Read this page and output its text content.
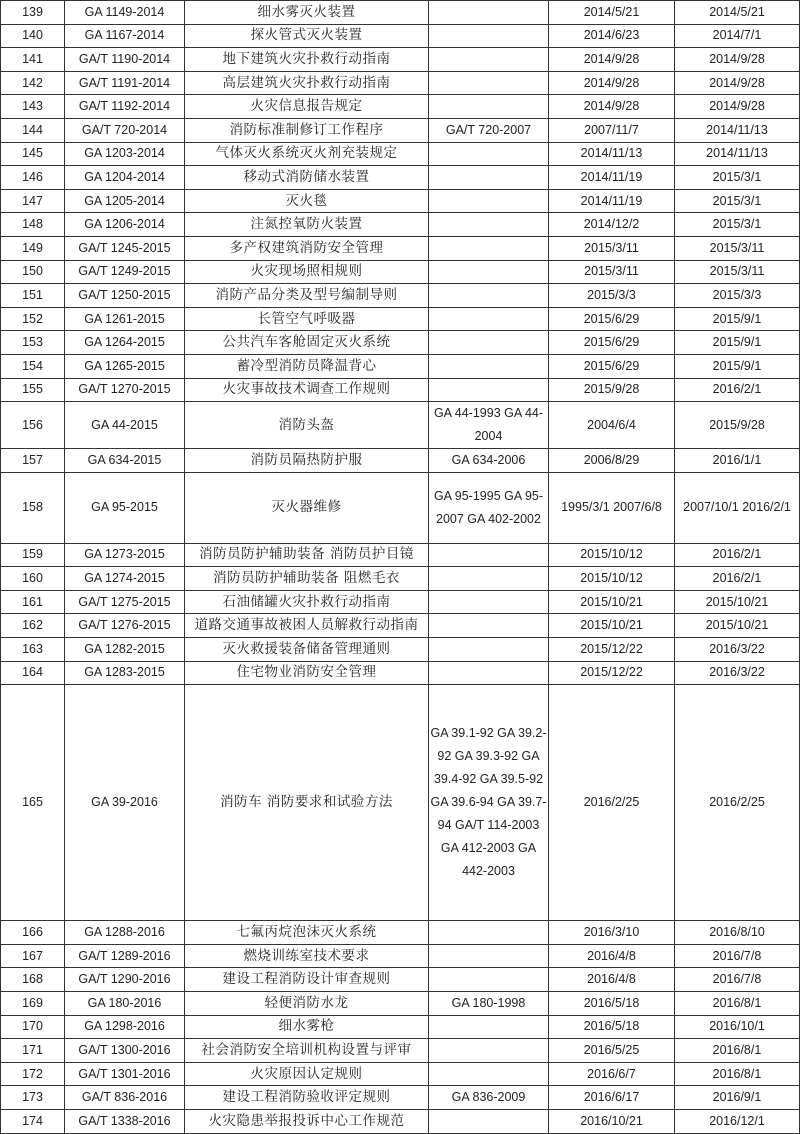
139	GA 1149-2014	细水雾灭火装置		2014/5/21	2014/5/21
140	GA 1167-2014	探火管式灭火装置		2014/6/23	2014/7/1
141	GA/T 1190-2014	地下建筑火灾扑救行动指南		2014/9/28	2014/9/28
142	GA/T 1191-2014	高层建筑火灾扑救行动指南		2014/9/28	2014/9/28
143	GA/T 1192-2014	火灾信息报告规定		2014/9/28	2014/9/28
144	GA/T 720-2014	消防标准制修订工作程序	GA/T 720-2007	2007/11/7	2014/11/13
145	GA 1203-2014	气体灭火系统灭火剂充装规定		2014/11/13	2014/11/13
146	GA 1204-2014	移动式消防储水装置		2014/11/19	2015/3/1
147	GA 1205-2014	灭火毯		2014/11/19	2015/3/1
148	GA 1206-2014	注氮控氧防火装置		2014/12/2	2015/3/1
149	GA/T 1245-2015	多产权建筑消防安全管理		2015/3/11	2015/3/11
150	GA/T 1249-2015	火灾现场照相规则		2015/3/11	2015/3/11
151	GA/T 1250-2015	消防产品分类及型号编制导则		2015/3/3	2015/3/3
152	GA 1261-2015	长管空气呼吸器		2015/6/29	2015/9/1
153	GA 1264-2015	公共汽车客舱固定灭火系统		2015/6/29	2015/9/1
154	GA 1265-2015	蓄冷型消防员降温背心		2015/6/29	2015/9/1
155	GA/T 1270-2015	火灾事故技术调查工作规则		2015/9/28	2016/2/1
156	GA 44-2015	消防头盔	GA 44-1993 GA 44-2004	2004/6/4	2015/9/28
157	GA 634-2015	消防员隔热防护服	GA 634-2006	2006/8/29	2016/1/1
158	GA 95-2015	灭火器维修	GA 95-1995 GA 95-2007 GA 402-2002	1995/3/1 2007/6/8	2007/10/1 2016/2/1
159	GA 1273-2015	消防员防护辅助装备 消防员护目镜		2015/10/12	2016/2/1
160	GA 1274-2015	消防员防护辅助装备 阻燃毛衣		2015/10/12	2016/2/1
161	GA/T 1275-2015	石油储罐火灾扑救行动指南		2015/10/21	2015/10/21
162	GA/T 1276-2015	道路交通事故被困人员解救行动指南		2015/10/21	2015/10/21
163	GA 1282-2015	灭火救援装备储备管理通则		2015/12/22	2016/3/22
164	GA 1283-2015	住宅物业消防安全管理		2015/12/22	2016/3/22
165	GA 39-2016	消防车 消防要求和试验方法	GA 39.1-92 GA 39.2-92 GA 39.3-92 GA 39.4-92 GA 39.5-92 GA 39.6-94 GA 39.7-94 GA/T 114-2003 GA 412-2003 GA 442-2003	2016/2/25	2016/2/25
166	GA 1288-2016	七氟丙烷泡沫灭火系统		2016/3/10	2016/8/10
167	GA/T 1289-2016	燃烧训练室技术要求		2016/4/8	2016/7/8
168	GA/T 1290-2016	建设工程消防设计审查规则		2016/4/8	2016/7/8
169	GA 180-2016	轻便消防水龙	GA 180-1998	2016/5/18	2016/8/1
170	GA 1298-2016	细水雾枪		2016/5/18	2016/10/1
171	GA/T 1300-2016	社会消防安全培训机构设置与评审		2016/5/25	2016/8/1
172	GA/T 1301-2016	火灾原因认定规则		2016/6/7	2016/8/1
173	GA/T 836-2016	建设工程消防验收评定规则	GA 836-2009	2016/6/17	2016/9/1
174	GA/T 1338-2016	火灾隐患举报投诉中心工作规范		2016/10/21	2016/12/1
